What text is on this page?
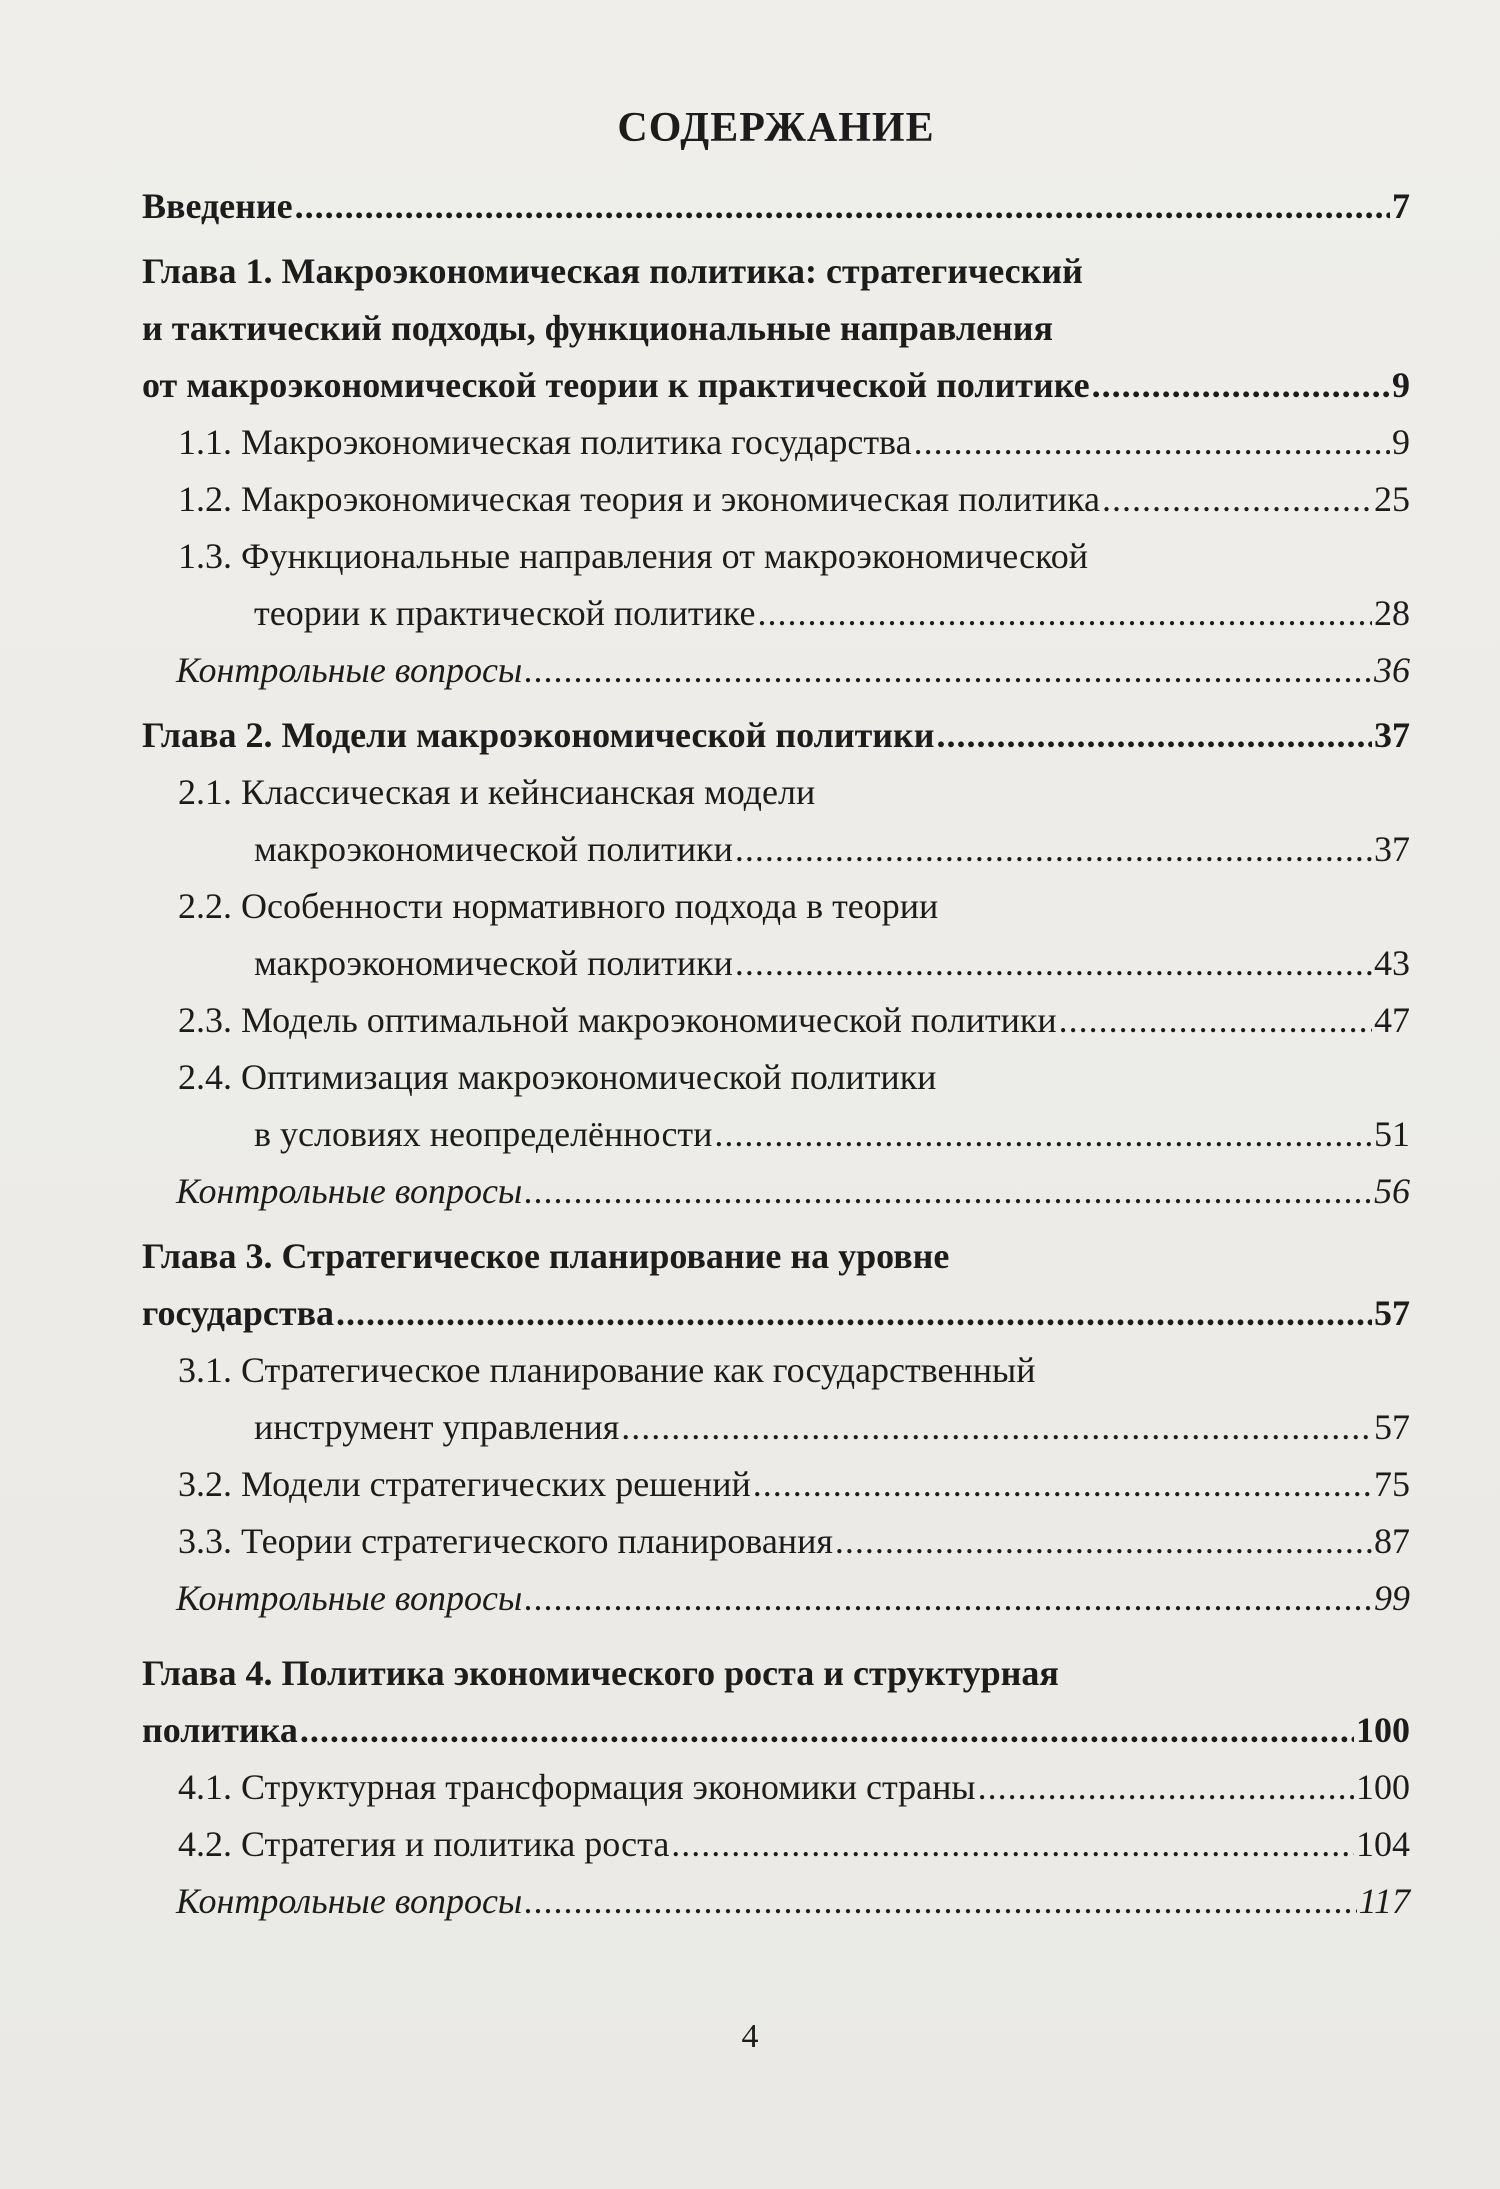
СОДЕРЖАНИЕ
Введение .....	7
Глава 1. Макроэкономическая политика: стратегический
и тактический подходы, функциональные направления
от макроэкономической теории к практической политике .....	9
1.1. Макроэкономическая политика государства .....	9
1.2. Макроэкономическая теория и экономическая политика .....	25
1.3. Функциональные направления от макроэкономической
теории к практической политике .....	28
Контрольные вопросы .....	36
Глава 2. Модели макроэкономической политики .....	37
2.1. Классическая и кейнсианская модели
макроэкономической политики .....	37
2.2. Особенности нормативного подхода в теории
макроэкономической политики .....	43
2.3. Модель оптимальной макроэкономической политики .....	47
2.4. Оптимизация макроэкономической политики
в условиях неопределённости .....	51
Контрольные вопросы .....	56
Глава 3. Стратегическое планирование на уровне
государства .....	57
3.1. Стратегическое планирование как государственный
инструмент управления .....	57
3.2. Модели стратегических решений .....	75
3.3. Теории стратегического планирования .....	87
Контрольные вопросы .....	99
Глава 4. Политика экономического роста и структурная
политика .....	100
4.1. Структурная трансформация экономики страны .....	100
4.2. Стратегия и политика роста .....	104
Контрольные вопросы .....	117
4
